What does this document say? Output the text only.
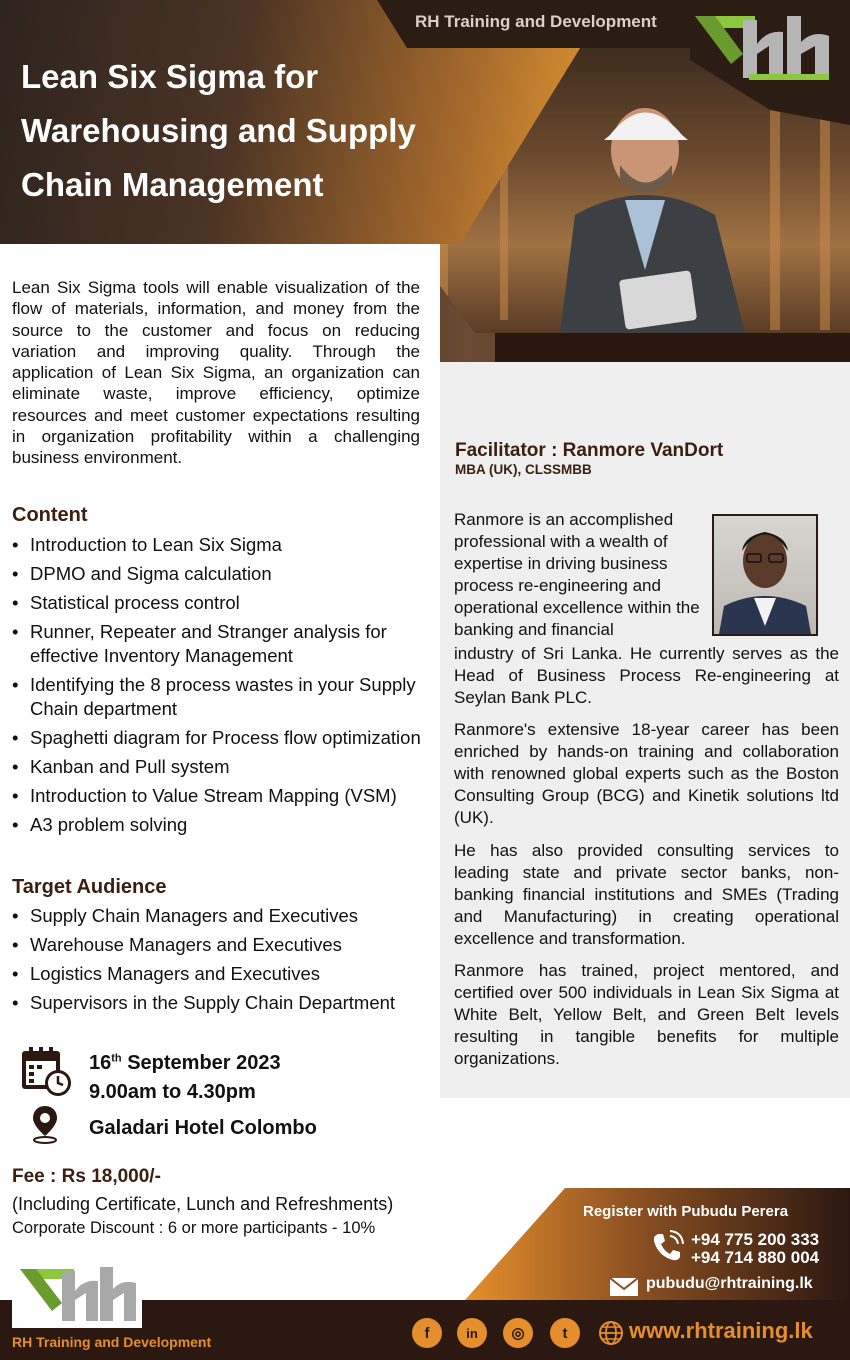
RH Training and Development
Lean Six Sigma for
Warehousing and Supply
Chain Management
Lean Six Sigma tools will enable visualization of the flow of materials, information, and money from the source to the customer and focus on reducing variation and improving quality. Through the application of Lean Six Sigma, an organization can eliminate waste, improve efficiency, optimize resources and meet customer expectations resulting in organization profitability within a challenging business environment.
Content
• Introduction to Lean Six Sigma
• DPMO and Sigma calculation
• Statistical process control
• Runner, Repeater and Stranger analysis for effective Inventory Management
• Identifying the 8 process wastes in your Supply Chain department
• Spaghetti diagram for Process flow optimization
• Kanban and Pull system
• Introduction to Value Stream Mapping (VSM)
• A3 problem solving
Target Audience
• Supply Chain Managers and Executives
• Warehouse Managers and Executives
• Logistics Managers and Executives
• Supervisors in the Supply Chain Department
16th September 2023
9.00am to 4.30pm
Galadari Hotel Colombo
Fee : Rs 18,000/-
(Including Certificate, Lunch and Refreshments)
Corporate Discount : 6 or more participants - 10%
Facilitator : Ranmore VanDort
MBA (UK), CLSSMBB
Ranmore is an accomplished professional with a wealth of expertise in driving business process re-engineering and operational excellence within the banking and financial
industry of Sri Lanka. He currently serves as the Head of Business Process Re-engineering at Seylan Bank PLC.
Ranmore's extensive 18-year career has been enriched by hands-on training and collaboration with renowned global experts such as the Boston Consulting Group (BCG) and Kinetik solutions ltd (UK).
He has also provided consulting services to leading state and private sector banks, non-banking financial institutions and SMEs (Trading and Manufacturing) in creating operational excellence and transformation.
Ranmore has trained, project mentored, and certified over 500 individuals in Lean Six Sigma at White Belt, Yellow Belt, and Green Belt levels resulting in tangible benefits for multiple organizations.
Register with Pubudu Perera
+94 775 200 333
+94 714 880 004
pubudu@rhtraining.lk
RH Training and Development
f	in	◎	t	www.rhtraining.lk
